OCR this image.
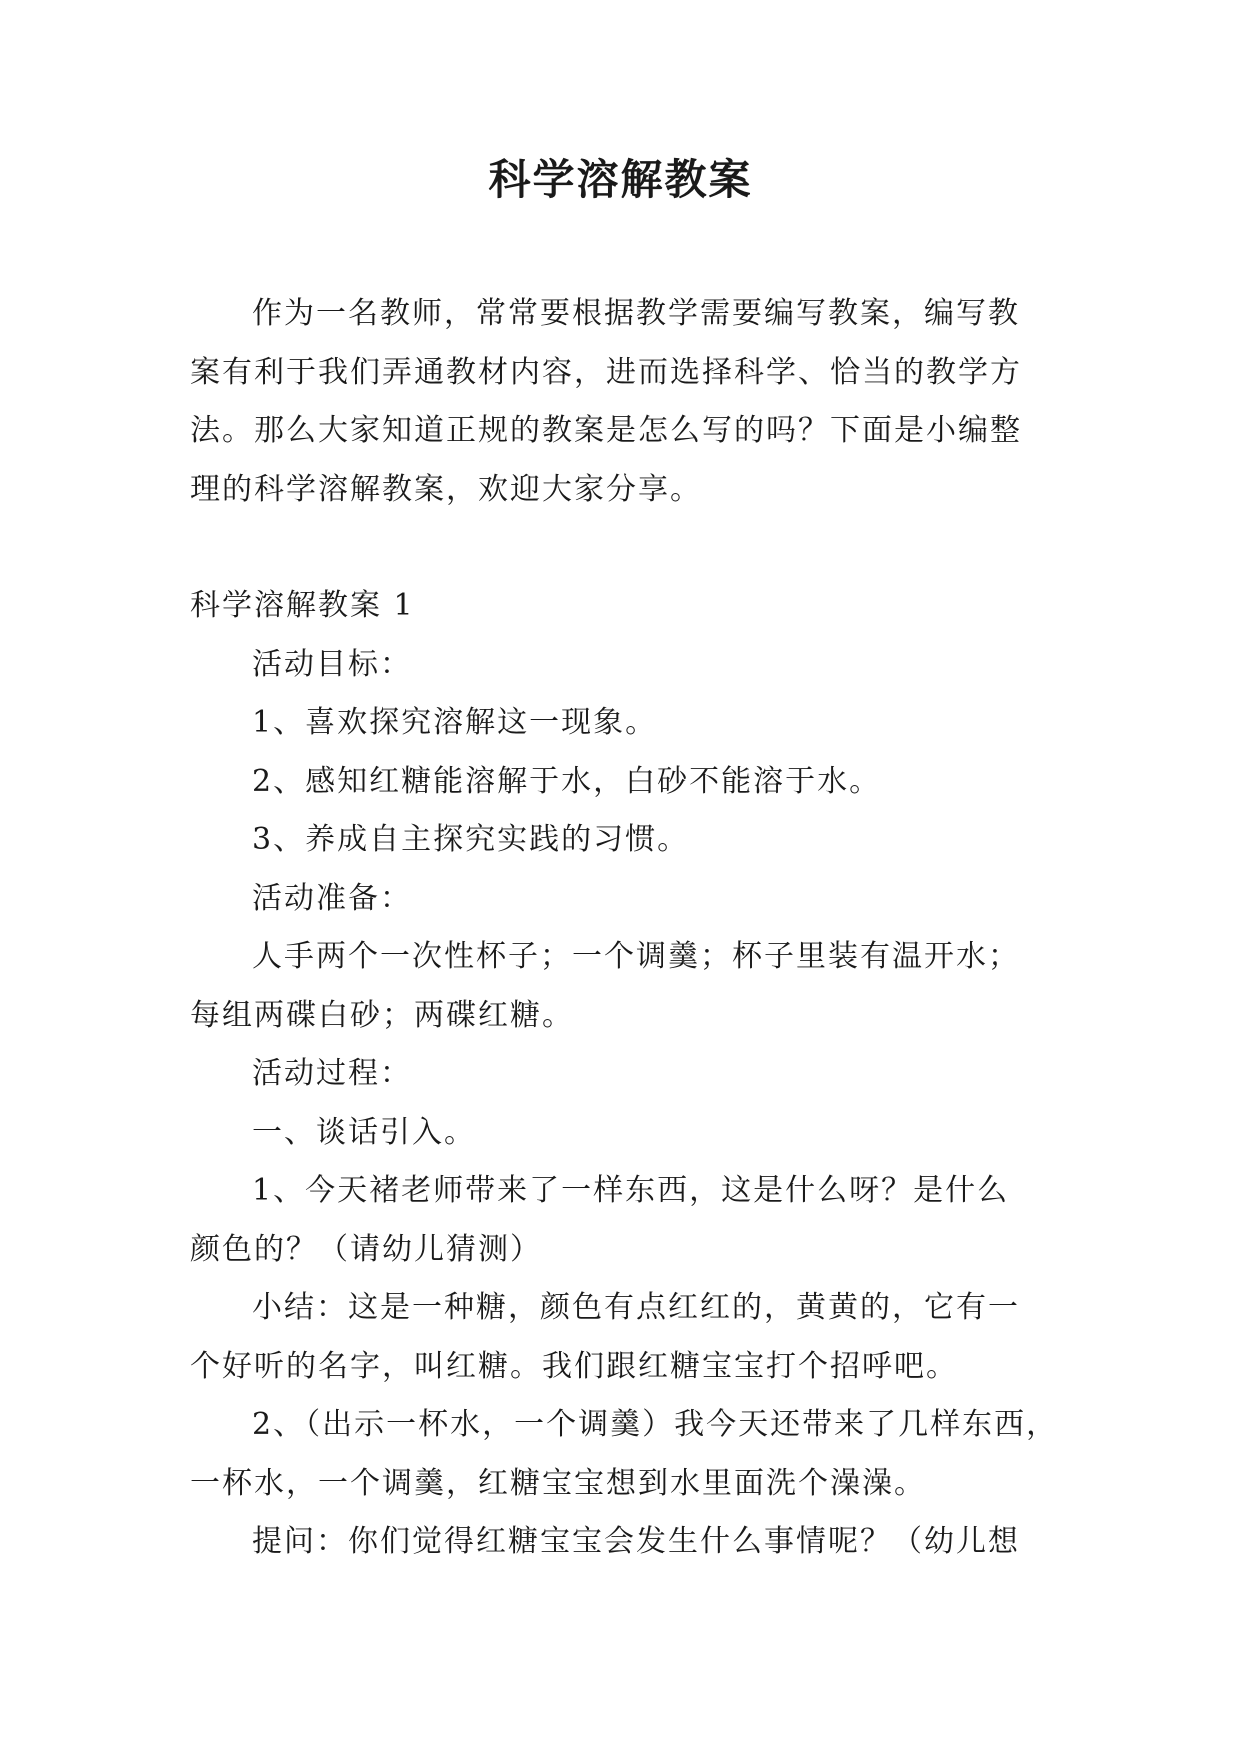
科学溶解教案

作为一名教师，常常要根据教学需要编写教案，编写教

案有利于我们弄通教材内容，进而选择科学、恰当的教学方

法。那么大家知道正规的教案是怎么写的吗？下面是小编整

理的科学溶解教案，欢迎大家分享。

科学溶解教案 1

活动目标：

1、喜欢探究溶解这一现象。

2、感知红糖能溶解于水，白砂不能溶于水。

3、养成自主探究实践的习惯。

活动准备：

人手两个一次性杯子；一个调羹；杯子里装有温开水；

每组两碟白砂；两碟红糖。

活动过程：

一、谈话引入。

1、今天褚老师带来了一样东西，这是什么呀？是什么

颜色的？（请幼儿猜测）

小结：这是一种糖，颜色有点红红的，黄黄的，它有一

个好听的名字，叫红糖。我们跟红糖宝宝打个招呼吧。

2、（出示一杯水，一个调羹）我今天还带来了几样东西，

一杯水，一个调羹，红糖宝宝想到水里面洗个澡澡。

提问：你们觉得红糖宝宝会发生什么事情呢？（幼儿想
